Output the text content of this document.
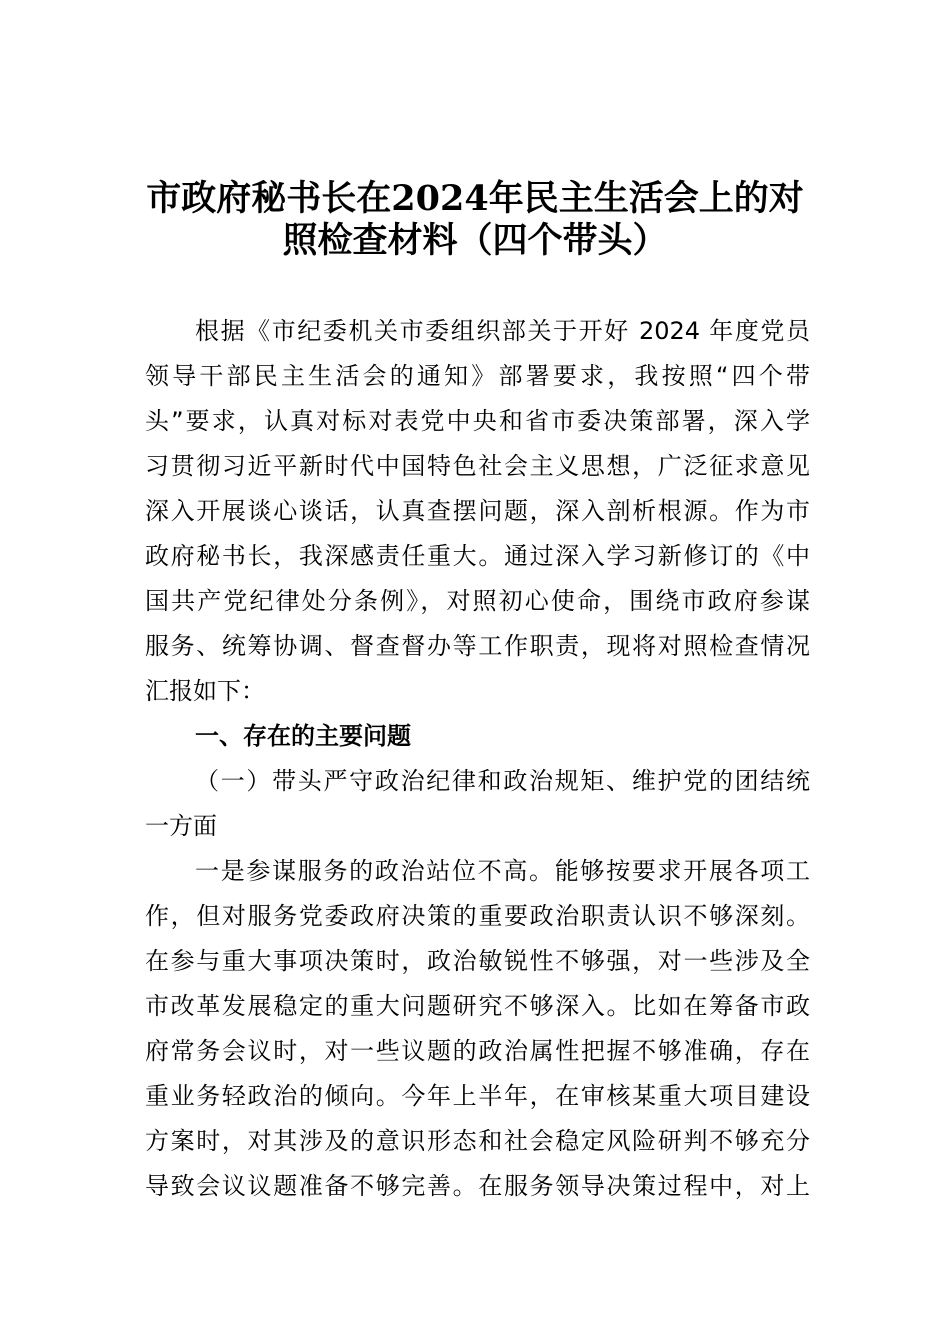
市政府秘书长在2024年民主生活会上的对
照检查材料（四个带头）
根据《市纪委机关市委组织部关于开好 2024 年度党员
领导干部民主生活会的通知》部署要求，我按照“四个带
头”要求，认真对标对表党中央和省市委决策部署，深入学
习贯彻习近平新时代中国特色社会主义思想，广泛征求意见
深入开展谈心谈话，认真查摆问题，深入剖析根源。作为市
政府秘书长，我深感责任重大。通过深入学习新修订的《中
国共产党纪律处分条例》，对照初心使命，围绕市政府参谋
服务、统筹协调、督查督办等工作职责，现将对照检查情况
汇报如下：
一、存在的主要问题
（一）带头严守政治纪律和政治规矩、维护党的团结统
一方面
一是参谋服务的政治站位不高。能够按要求开展各项工
作，但对服务党委政府决策的重要政治职责认识不够深刻。
在参与重大事项决策时，政治敏锐性不够强，对一些涉及全
市改革发展稳定的重大问题研究不够深入。比如在筹备市政
府常务会议时，对一些议题的政治属性把握不够准确，存在
重业务轻政治的倾向。今年上半年，在审核某重大项目建设
方案时，对其涉及的意识形态和社会稳定风险研判不够充分
导致会议议题准备不够完善。在服务领导决策过程中，对上
